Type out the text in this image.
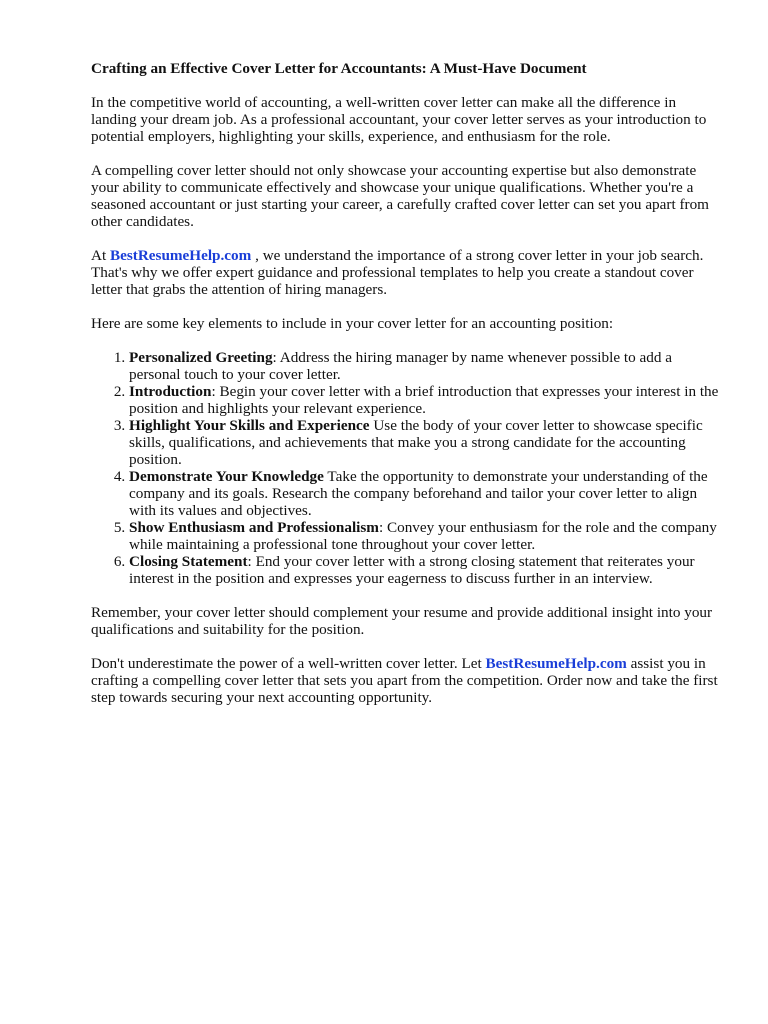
Crafting an Effective Cover Letter for Accountants: A Must-Have Document

In the competitive world of accounting, a well-written cover letter can make all the difference in landing your dream job. As a professional accountant, your cover letter serves as your introduction to potential employers, highlighting your skills, experience, and enthusiasm for the role.

A compelling cover letter should not only showcase your accounting expertise but also demonstrate your ability to communicate effectively and showcase your unique qualifications. Whether you're a seasoned accountant or just starting your career, a carefully crafted cover letter can set you apart from other candidates.

At BestResumeHelp.com , we understand the importance of a strong cover letter in your job search. That's why we offer expert guidance and professional templates to help you create a standout cover letter that grabs the attention of hiring managers.

Here are some key elements to include in your cover letter for an accounting position:

1. Personalized Greeting: Address the hiring manager by name whenever possible to add a personal touch to your cover letter.
2. Introduction: Begin your cover letter with a brief introduction that expresses your interest in the position and highlights your relevant experience.
3. Highlight Your Skills and Experience Use the body of your cover letter to showcase specific skills, qualifications, and achievements that make you a strong candidate for the accounting position.
4. Demonstrate Your Knowledge Take the opportunity to demonstrate your understanding of the company and its goals. Research the company beforehand and tailor your cover letter to align with its values and objectives.
5. Show Enthusiasm and Professionalism: Convey your enthusiasm for the role and the company while maintaining a professional tone throughout your cover letter.
6. Closing Statement: End your cover letter with a strong closing statement that reiterates your interest in the position and expresses your eagerness to discuss further in an interview.

Remember, your cover letter should complement your resume and provide additional insight into your qualifications and suitability for the position.

Don't underestimate the power of a well-written cover letter. Let BestResumeHelp.com assist you in crafting a compelling cover letter that sets you apart from the competition. Order now and take the first step towards securing your next accounting opportunity.
